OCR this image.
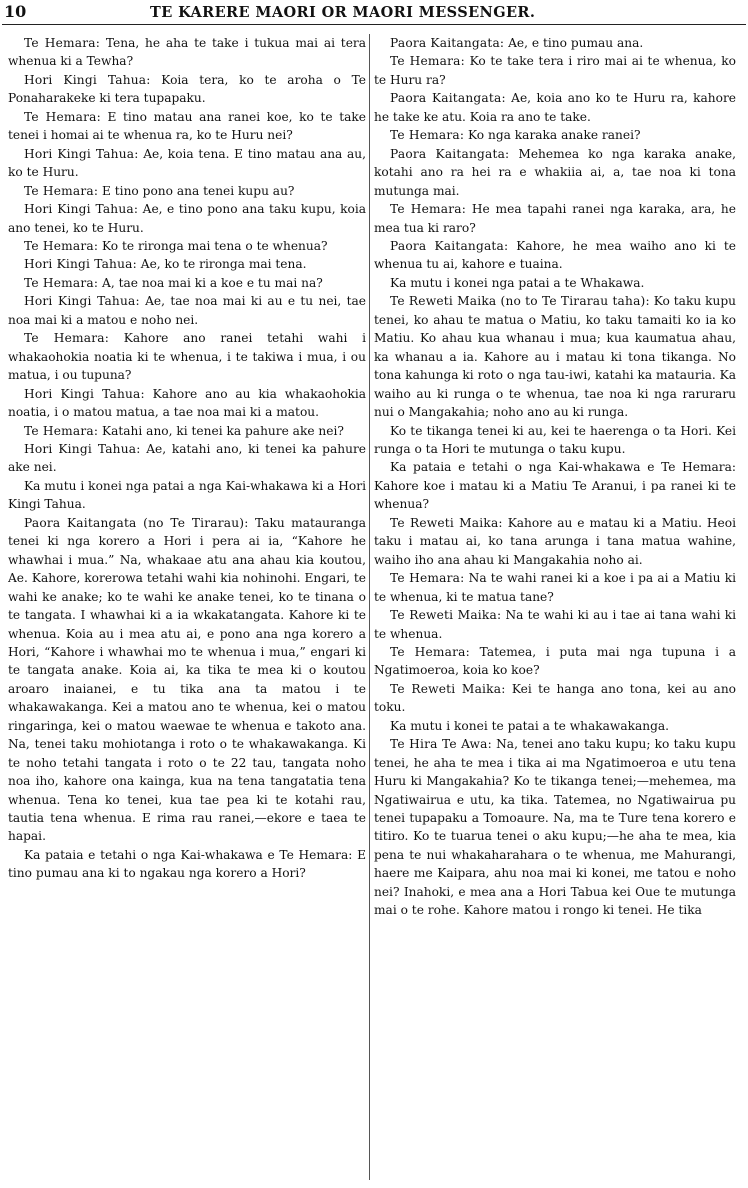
10	TE KARERE MAORI OR MAORI MESSENGER.

Te Hemara: Tena, he aha te take i tukua mai ai tera whenua ki a Tewha?

Hori Kingi Tahua: Koia tera, ko te aroha o Te Ponaharakeke ki tera tupapaku.

Te Hemara: E tino matau ana ranei koe, ko te take tenei i homai ai te whenua ra, ko te Huru nei?

Hori Kingi Tahua: Ae, koia tena. E tino matau ana au, ko te Huru.

Te Hemara: E tino pono ana tenei kupu au?

Hori Kingi Tahua: Ae, e tino pono ana taku kupu, koia ano tenei, ko te Huru.

Te Hemara: Ko te rironga mai tena o te whenua?

Hori Kingi Tahua: Ae, ko te rironga mai tena.

Te Hemara: A, tae noa mai ki a koe e tu mai na?

Hori Kingi Tahua: Ae, tae noa mai ki au e tu nei, tae noa mai ki a matou e noho nei.

Te Hemara: Kahore ano ranei tetahi wahi i whakaohokia noatia ki te whenua, i te takiwa i mua, i ou matua, i ou tupuna?

Hori Kingi Tahua: Kahore ano au kia whakaohokia noatia, i o matou matua, a tae noa mai ki a matou.

Te Hemara: Katahi ano, ki tenei ka pahure ake nei?

Hori Kingi Tahua: Ae, katahi ano, ki tenei ka pahure ake nei.

Ka mutu i konei nga patai a nga Kai-whakawa ki a Hori Kingi Tahua.

Paora Kaitangata (no Te Tirarau): Taku matauranga tenei ki nga korero a Hori i pera ai ia, “Kahore he whawhai i mua.” Na, whakaae atu ana ahau kia koutou, Ae. Kahore, korerowa tetahi wahi kia nohinohi. Engari, te wahi ke anake; ko te wahi ke anake tenei, ko te tinana o te tangata. I whawhai ki a ia wkakatangata. Kahore ki te whenua. Koia au i mea atu ai, e pono ana nga korero a Hori, “Kahore i whawhai mo te whenua i mua,” engari ki te tangata anake. Koia ai, ka tika te mea ki o koutou aroaro inaianei, e tu tika ana ta matou i te whakawakanga. Kei a matou ano te whenua, kei o matou ringaringa, kei o matou waewae te whenua e takoto ana. Na, tenei taku mohiotanga i roto o te whakawakanga. Ki te noho tetahi tangata i roto o te 22 tau, tangata noho noa iho, kahore ona kainga, kua na tena tangatatia tena whenua. Tena ko tenei, kua tae pea ki te kotahi rau, tautia tena whenua. E rima rau ranei,—ekore e taea te hapai.

Ka pataia e tetahi o nga Kai-whakawa e Te Hemara: E tino pumau ana ki to ngakau nga korero a Hori?

Paora Kaitangata: Ae, e tino pumau ana.

Te Hemara: Ko te take tera i riro mai ai te whenua, ko te Huru ra?

Paora Kaitangata: Ae, koia ano ko te Huru ra, kahore he take ke atu. Koia ra ano te take.

Te Hemara: Ko nga karaka anake ranei?

Paora Kaitangata: Mehemea ko nga karaka anake, kotahi ano ra hei ra e whakiia ai, a, tae noa ki tona mutunga mai.

Te Hemara: He mea tapahi ranei nga karaka, ara, he mea tua ki raro?

Paora Kaitangata: Kahore, he mea waiho ano ki te whenua tu ai, kahore e tuaina.

Ka mutu i konei nga patai a te Whakawa.

Te Reweti Maika (no to Te Tirarau taha): Ko taku kupu tenei, ko ahau te matua o Matiu, ko taku tamaiti ko ia ko Matiu. Ko ahau kua whanau i mua; kua kaumatua ahau, ka whanau a ia. Kahore au i matau ki tona tikanga. No tona kahunga ki roto o nga tau-iwi, katahi ka matauria. Ka waiho au ki runga o te whenua, tae noa ki nga raruraru nui o Mangakahia; noho ano au ki runga.

Ko te tikanga tenei ki au, kei te haerenga o ta Hori. Kei runga o ta Hori te mutunga o taku kupu.

Ka pataia e tetahi o nga Kai-whakawa e Te Hemara: Kahore koe i matau ki a Matiu Te Aranui, i pa ranei ki te whenua?

Te Reweti Maika: Kahore au e matau ki a Matiu. Heoi taku i matau ai, ko tana arunga i tana matua wahine, waiho iho ana ahau ki Mangakahia noho ai.

Te Hemara: Na te wahi ranei ki a koe i pa ai a Matiu ki te whenua, ki te matua tane?

Te Reweti Maika: Na te wahi ki au i tae ai tana wahi ki te whenua.

Te Hemara: Tatemea, i puta mai nga tupuna i a Ngatimoeroa, koia ko koe?

Te Reweti Maika: Kei te hanga ano tona, kei au ano toku.

Ka mutu i konei te patai a te whakawakanga.

Te Hira Te Awa: Na, tenei ano taku kupu; ko taku kupu tenei, he aha te mea i tika ai ma Ngatimoeroa e utu tena Huru ki Mangakahia? Ko te tikanga tenei;—mehemea, ma Ngatiwairua e utu, ka tika. Tatemea, no Ngatiwairua pu tenei tupapaku a Tomoaure. Na, ma te Ture tena korero e titiro. Ko te tuarua tenei o aku kupu;—he aha te mea, kia pena te nui whakaharahara o te whenua, me Mahurangi, haere me Kaipara, ahu noa mai ki konei, me tatou e noho nei? Inahoki, e mea ana a Hori Tabua kei Oue te mutunga mai o te rohe. Kahore matou i rongo ki tenei. He tika
